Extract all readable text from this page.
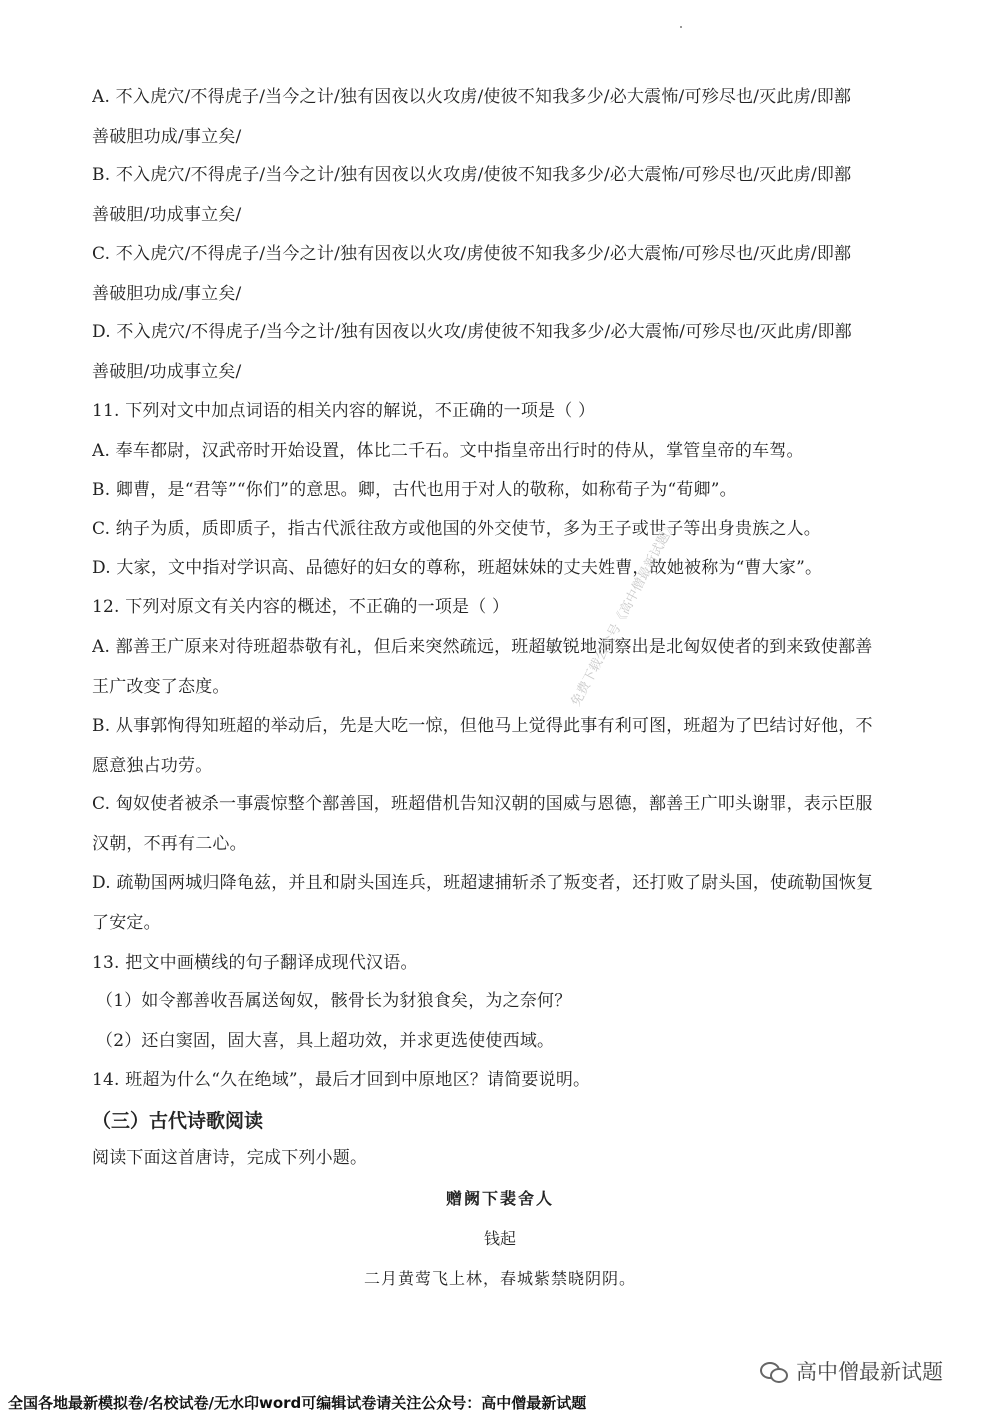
A. 不入虎穴/不得虎子/当今之计/独有因夜以火攻虏/使彼不知我多少/必大震怖/可殄尽也/灭此虏/即鄯
善破胆功成/事立矣/
B. 不入虎穴/不得虎子/当今之计/独有因夜以火攻虏/使彼不知我多少/必大震怖/可殄尽也/灭此虏/即鄯
善破胆/功成事立矣/
C. 不入虎穴/不得虎子/当今之计/独有因夜以火攻/虏使彼不知我多少/必大震怖/可殄尽也/灭此虏/即鄯
善破胆功成/事立矣/
D. 不入虎穴/不得虎子/当今之计/独有因夜以火攻/虏使彼不知我多少/必大震怖/可殄尽也/灭此虏/即鄯
善破胆/功成事立矣/
11. 下列对文中加点词语的相关内容的解说，不正确的一项是（ ）
A. 奉车都尉，汉武帝时开始设置，体比二千石。文中指皇帝出行时的侍从，掌管皇帝的车驾。
B. 卿曹，是“君等”“你们”的意思。卿，古代也用于对人的敬称，如称荀子为“荀卿”。
C. 纳子为质，质即质子，指古代派往敌方或他国的外交使节，多为王子或世子等出身贵族之人。
D. 大家，文中指对学识高、品德好的妇女的尊称，班超妹妹的丈夫姓曹，故她被称为“曹大家”。
12. 下列对原文有关内容的概述，不正确的一项是（ ）
A. 鄯善王广原来对待班超恭敬有礼，但后来突然疏远，班超敏锐地洞察出是北匈奴使者的到来致使鄯善
王广改变了态度。
B. 从事郭恂得知班超的举动后，先是大吃一惊，但他马上觉得此事有利可图，班超为了巴结讨好他，不
愿意独占功劳。
C. 匈奴使者被杀一事震惊整个鄯善国，班超借机告知汉朝的国威与恩德，鄯善王广叩头谢罪，表示臣服
汉朝，不再有二心。
D. 疏勒国两城归降龟兹，并且和尉头国连兵，班超逮捕斩杀了叛变者，还打败了尉头国，使疏勒国恢复
了安定。
13. 把文中画横线的句子翻译成现代汉语。
（1）如令鄯善收吾属送匈奴，骸骨长为豺狼食矣，为之奈何？
（2）还白窦固，固大喜，具上超功效，并求更选使使西域。
14. 班超为什么“久在绝域”，最后才回到中原地区？请简要说明。
（三）古代诗歌阅读
阅读下面这首唐诗，完成下列小题。
赠阙下裴舍人
钱起
二月黄莺飞上林，春城紫禁晓阴阴。
免费下载公众号《高中僧最新试题》
高中僧最新试题
全国各地最新模拟卷/名校试卷/无水印word可编辑试卷请关注公众号：高中僧最新试题
